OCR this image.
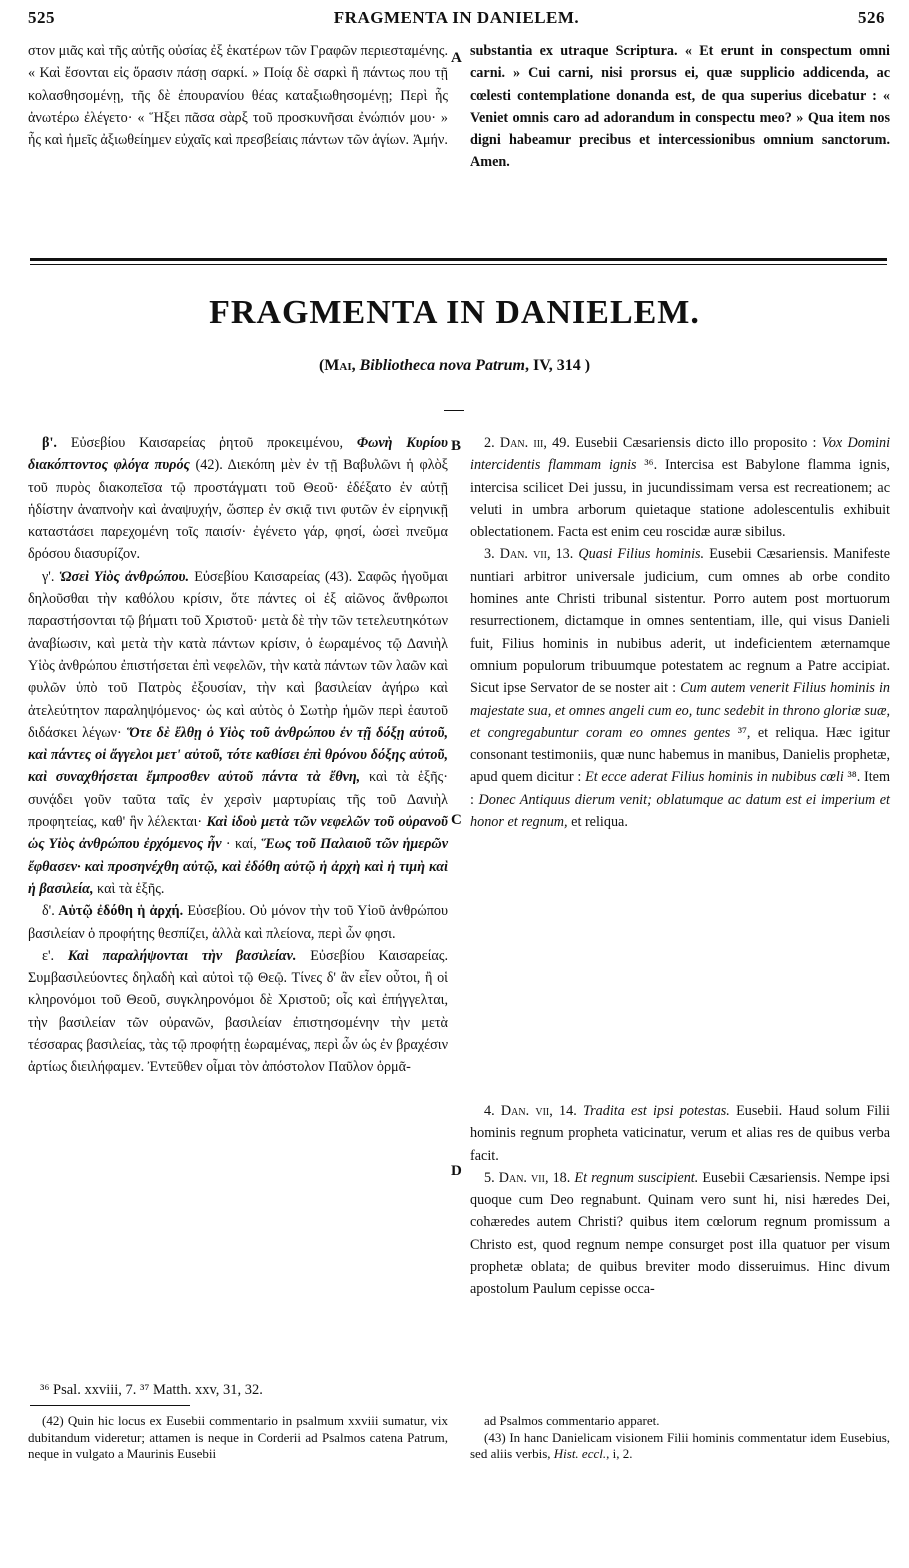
525	FRAGMENTA IN DANIELEM.	526

στον μιᾶς καὶ τῆς αὐτῆς οὐσίας ἐξ ἑκατέρων τῶν Γραφῶν περιεσταμένης. « Καὶ ἔσονται εἰς ὅρασιν πάσῃ σαρκί. » Ποίᾳ δὲ σαρκὶ ἢ πάντως που τῇ κολασθησομένῃ, τῆς δὲ ἐπουρανίου θέας καταξιωθησομένῃ; Περὶ ἧς ἀνωτέρω ἐλέγετο· « Ἥξει πᾶσα σὰρξ τοῦ προσκυνῆσαι ἐνώπιόν μου· » ἧς καὶ ἡμεῖς ἀξιωθείημεν εὐχαῖς καὶ πρεσβείαις πάντων τῶν ἁγίων. Ἀμήν.

A substantia ex utraque Scriptura. « Et erunt in conspectum omni carni. » Cui carni, nisi prorsus ei, quæ supplicio addicenda, ac cœlesti contemplatione donanda est, de qua superius dicebatur : « Veniet omnis caro ad adorandum in conspectu meo? » Qua item nos digni habeamur precibus et intercessionibus omnium sanctorum. Amen.

FRAGMENTA IN DANIELEM.
(Mai, Bibliotheca nova Patrum, IV, 314 )

β'. Εὐσεβίου Καισαρείας ῥητοῦ προκειμένου, Φωνὴ Κυρίου διακόπτοντος φλόγα πυρός (42). Διεκόπη μὲν ἐν τῇ Βαβυλῶνι ἡ φλὸξ τοῦ πυρὸς διακοπεῖσα τῷ προστάγματι τοῦ Θεοῦ· ἐδέξατο ἐν αὐτῇ ἡδίστην ἀναπνοὴν καὶ ἀναψυχήν, ὥσπερ ἐν σκιᾷ τινι φυτῶν ἐν εἰρηνικῇ καταστάσει παρεχομένη τοῖς παισίν· ἐγένετο γάρ, φησί, ὡσεὶ πνεῦμα δρόσου διασυρίζον.

γ'. Ὡσεὶ Υἱὸς ἀνθρώπου. Εὐσεβίου Καισαρείας (43). Σαφῶς ἡγοῦμαι δηλοῦσθαι τὴν καθόλου κρίσιν, ὅτε πάντες οἱ ἐξ αἰῶνος ἄνθρωποι παραστήσονται τῷ βήματι τοῦ Χριστοῦ· μετὰ δὲ τὴν τῶν τετελευτηκότων ἀναβίωσιν, καὶ μετὰ τὴν κατὰ πάντων κρίσιν, ὁ ἑωραμένος τῷ Δανιὴλ Υἱὸς ἀνθρώπου ἐπιστήσεται ἐπὶ νεφελῶν, τὴν κατὰ πάντων τῶν λαῶν καὶ φυλῶν ὑπὸ τοῦ Πατρὸς ἐξουσίαν, τὴν καὶ βασιλείαν ἀγήρω καὶ ἀτελεύτητον παραληψόμενος· ὡς καὶ αὐτὸς ὁ Σωτὴρ ἡμῶν περὶ ἑαυτοῦ διδάσκει λέγων· Ὅτε δὲ ἔλθῃ ὁ Υἱὸς τοῦ ἀνθρώπου ἐν τῇ δόξῃ αὐτοῦ, καὶ πάντες οἱ ἄγγελοι μετ' αὐτοῦ, τότε καθίσει ἐπὶ θρόνου δόξης αὐτοῦ, καὶ συναχθήσεται ἔμπροσθεν αὐτοῦ πάντα τὰ ἔθνη, καὶ τὰ ἑξῆς· συνᾴδει γοῦν ταῦτα ταῖς ἐν χερσὶν μαρτυρίαις τῆς τοῦ Δανιὴλ προφητείας, καθ' ἣν λέλεκται· Καὶ ἰδοὺ μετὰ τῶν νεφελῶν τοῦ οὐρανοῦ ὡς Υἱὸς ἀνθρώπου ἐρχόμενος ἦν · καί, Ἕως τοῦ Παλαιοῦ τῶν ἡμερῶν ἔφθασεν· καὶ προσηνέχθη αὐτῷ, καὶ ἐδόθη αὐτῷ ἡ ἀρχὴ καὶ ἡ τιμὴ καὶ ἡ βασιλεία, καὶ τὰ ἑξῆς.

δ'. Αὐτῷ ἐδόθη ἡ ἀρχή. Εὐσεβίου. Οὐ μόνον τὴν τοῦ Υἱοῦ ἀνθρώπου βασιλείαν ὁ προφήτης θεσπίζει, ἀλλὰ καὶ πλείονα, περὶ ὧν φησι.

ε'. Καὶ παραλήψονται τὴν βασιλείαν. Εὐσεβίου Καισαρείας. Συμβασιλεύοντες δηλαδὴ καὶ αὐτοὶ τῷ Θεῷ. Τίνες δ' ἂν εἶεν οὗτοι, ἢ οἱ κληρονόμοι τοῦ Θεοῦ, συγκληρονόμοι δὲ Χριστοῦ; οἷς καὶ ἐπήγγελται, τὴν βασιλείαν τῶν οὐρανῶν, βασιλείαν ἐπιστησομένην τὴν μετὰ τέσσαρας βασιλείας, τὰς τῷ προφήτῃ ἑωραμένας, περὶ ὧν ὡς ἐν βραχέσιν ἀρτίως διειλήφαμεν. Ἐντεῦθεν οἶμαι τὸν ἀπόστολον Παῦλον ὁρμᾶ-

B
C
D

2. Dan. iii, 49. Eusebii Cæsariensis dicto illo proposito : Vox Domini intercidentis flammam ignis ³⁶. Intercisa est Babylone flamma ignis, intercisa scilicet Dei jussu, in jucundissimam versa est recreationem; ac veluti in umbra arborum quietaque statione adolescentulis exhibuit oblectationem. Facta est enim ceu roscidæ auræ sibilus.

3. Dan. vii, 13. Quasi Filius hominis. Eusebii Cæsariensis. Manifeste nuntiari arbitror universale judicium, cum omnes ab orbe condito homines ante Christi tribunal sistentur. Porro autem post mortuorum resurrectionem, dictamque in omnes sententiam, ille, qui visus Danieli fuit, Filius hominis in nubibus aderit, ut indeficientem æternamque omnium populorum tribuumque potestatem ac regnum a Patre accipiat. Sicut ipse Servator de se noster ait : Cum autem venerit Filius hominis in majestate sua, et omnes angeli cum eo, tunc sedebit in throno gloriæ suæ, et congregabuntur coram eo omnes gentes ³⁷, et reliqua. Hæc igitur consonant testimoniis, quæ nunc habemus in manibus, Danielis prophetæ, apud quem dicitur : Et ecce aderat Filius hominis in nubibus cœli ³⁸. Item : Donec Antiquus dierum venit; oblatumque ac datum est ei imperium et honor et regnum, et reliqua.

4. Dan. vii, 14. Tradita est ipsi potestas. Eusebii. Haud solum Filii hominis regnum propheta vaticinatur, verum et alias res de quibus verba facit.

5. Dan. vii, 18. Et regnum suscipient. Eusebii Cæsariensis. Nempe ipsi quoque cum Deo regnabunt. Quinam vero sunt hi, nisi hæredes Dei, cohæredes autem Christi? quibus item cœlorum regnum promissum a Christo est, quod regnum nempe consurget post illa quatuor per visum prophetæ oblata; de quibus breviter modo disseruimus. Hinc divum apostolum Paulum cepisse occa-

³⁶ Psal. xxviii, 7. ³⁷ Matth. xxv, 31, 32.

(42) Quin hic locus ex Eusebii commentario in psalmum xxviii sumatur, vix dubitandum videretur; attamen is neque in Corderii ad Psalmos catena Patrum, neque in vulgato a Maurinis Eusebii

ad Psalmos commentario apparet.

(43) In hanc Danielicam visionem Filii hominis commentatur idem Eusebius, sed aliis verbis, Hist. eccl., i, 2.
